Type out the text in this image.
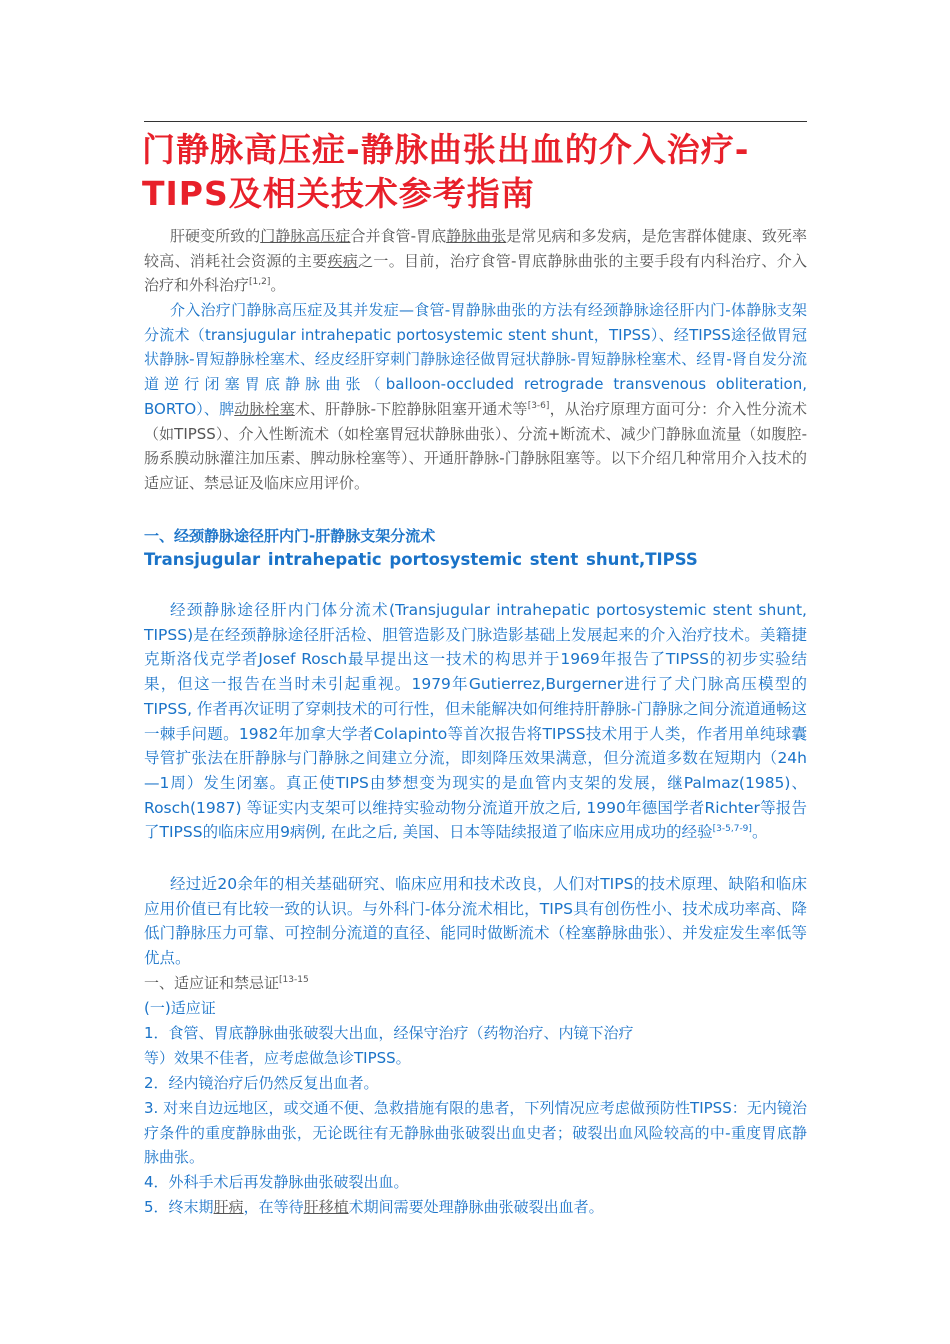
门静脉高压症-静脉曲张出血的介入治疗-TIPS及相关技术参考指南

肝硬变所致的门静脉高压症合并食管-胃底静脉曲张是常见病和多发病，是危害群体健康、致死率较高、消耗社会资源的主要疾病之一。目前，治疗食管-胃底静脉曲张的主要手段有内科治疗、介入治疗和外科治疗[1,2]。

介入治疗门静脉高压症及其并发症—食管-胃静脉曲张的方法有经颈静脉途径肝内门-体静脉支架分流术（transjugular intrahepatic portosystemic stent shunt，TIPSS）、经TIPSS途径做胃冠状静脉-胃短静脉栓塞术、经皮经肝穿刺门静脉途径做胃冠状静脉-胃短静脉栓塞术、经胃-肾自发分流道逆行闭塞胃底静脉曲张（balloon-occluded retrograde transvenous obliteration, BORTO）、脾动脉栓塞术、肝静脉-下腔静脉阻塞开通术等[3-6]，从治疗原理方面可分：介入性分流术（如TIPSS）、介入性断流术（如栓塞胃冠状静脉曲张）、分流+断流术、减少门静脉血流量（如腹腔-肠系膜动脉灌注加压素、脾动脉栓塞等）、开通肝静脉-门静脉阻塞等。以下介绍几种常用介入技术的适应证、禁忌证及临床应用评价。

一、经颈静脉途径肝内门-肝静脉支架分流术

Transjugular intrahepatic portosystemic stent shunt,TIPSS

经颈静脉途径肝内门体分流术(Transjugular intrahepatic portosystemic stent shunt, TIPSS)是在经颈静脉途径肝活检、胆管造影及门脉造影基础上发展起来的介入治疗技术。美籍捷克斯洛伐克学者Josef Rosch最早提出这一技术的构思并于1969年报告了TIPSS的初步实验结果，但这一报告在当时未引起重视。1979年Gutierrez,Burgerner进行了犬门脉高压模型的TIPSS, 作者再次证明了穿刺技术的可行性，但未能解决如何维持肝静脉-门静脉之间分流道通畅这一棘手问题。1982年加拿大学者Colapinto等首次报告将TIPSS技术用于人类，作者用单纯球囊导管扩张法在肝静脉与门静脉之间建立分流，即刻降压效果满意，但分流道多数在短期内（24h—1周）发生闭塞。真正使TIPS由梦想变为现实的是血管内支架的发展，继Palmaz(1985)、Rosch(1987) 等证实内支架可以维持实验动物分流道开放之后, 1990年德国学者Richter等报告了TIPSS的临床应用9病例, 在此之后, 美国、日本等陆续报道了临床应用成功的经验[3-5,7-9]。

经过近20余年的相关基础研究、临床应用和技术改良，人们对TIPS的技术原理、缺陷和临床应用价值已有比较一致的认识。与外科门-体分流术相比，TIPS具有创伤性小、技术成功率高、降低门静脉压力可靠、可控制分流道的直径、能同时做断流术（栓塞静脉曲张）、并发症发生率低等优点。

一、适应证和禁忌证$^{[13-15}$

(一)适应证

1．食管、胃底静脉曲张破裂大出血，经保守治疗（药物治疗、内镜下治疗

等）效果不佳者，应考虑做急诊TIPSS。

2．经内镜治疗后仍然反复出血者。

3. 对来自边远地区，或交通不便、急救措施有限的患者，下列情况应考虑做预防性TIPSS：无内镜治疗条件的重度静脉曲张，无论既往有无静脉曲张破裂出血史者；破裂出血风险较高的中-重度胃底静脉曲张。

4．外科手术后再发静脉曲张破裂出血。

5．终末期肝病，在等待肝移植术期间需要处理静脉曲张破裂出血者。
